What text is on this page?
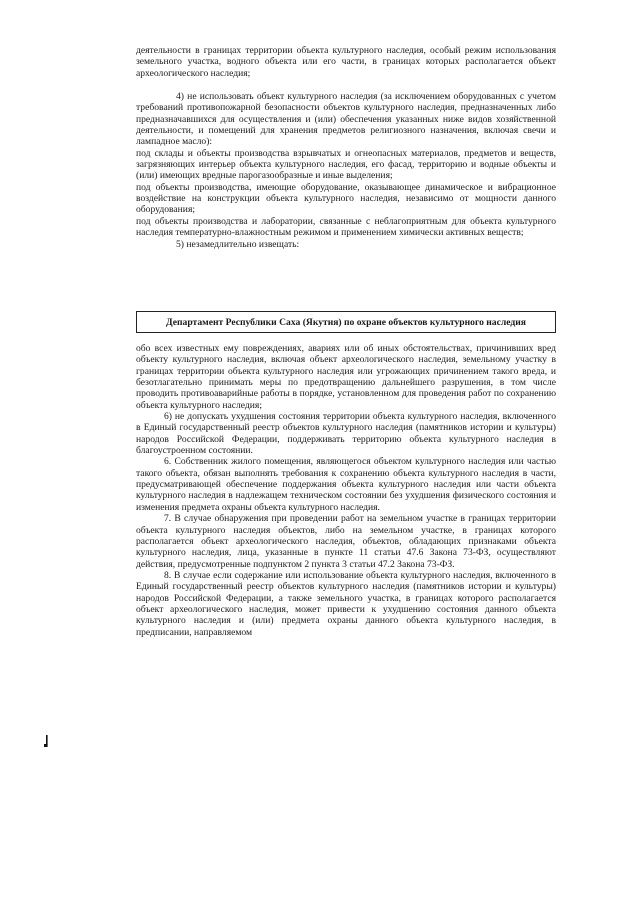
деятельности в границах территории объекта культурного наследия, особый режим использования земельного участка, водного объекта или его части, в границах которых располагается объект археологического наследия;

4) не использовать объект культурного наследия (за исключением оборудованных с учетом требований противопожарной безопасности объектов культурного наследия, предназначенных либо предназначавшихся для осуществления и (или) обеспечения указанных ниже видов хозяйственной деятельности, и помещений для хранения предметов религиозного назначения, включая свечи и лампадное масло):

под склады и объекты производства взрывчатых и огнеопасных материалов, предметов и веществ, загрязняющих интерьер объекта культурного наследия, его фасад, территорию и водные объекты и (или) имеющих вредные парогазообразные и иные выделения;

под объекты производства, имеющие оборудование, оказывающее динамическое и вибрационное воздействие на конструкции объекта культурного наследия, независимо от мощности данного оборудования;

под объекты производства и лаборатории, связанные с неблагоприятным для объекта культурного наследия температурно-влажностным режимом и применением химически активных веществ;

5) незамедлительно извещать:

Департамент Республики Саха (Якутия) по охране объектов культурного наследия

обо всех известных ему повреждениях, авариях или об иных обстоятельствах, причинивших вред объекту культурного наследия, включая объект археологического наследия, земельному участку в границах территории объекта культурного наследия или угрожающих причинением такого вреда, и безотлагательно принимать меры по предотвращению дальнейшего разрушения, в том числе проводить противоаварийные работы в порядке, установленном для проведения работ по сохранению объекта культурного наследия;

6) не допускать ухудшения состояния территории объекта культурного наследия, включенного в Единый государственный реестр объектов культурного наследия (памятников истории и культуры) народов Российской Федерации, поддерживать территорию объекта культурного наследия в благоустроенном состоянии.

6. Собственник жилого помещения, являющегося объектом культурного наследия или частью такого объекта, обязан выполнять требования к сохранению объекта культурного наследия в части, предусматривающей обеспечение поддержания объекта культурного наследия или части объекта культурного наследия в надлежащем техническом состоянии без ухудшения физического состояния и изменения предмета охраны объекта культурного наследия.

7. В случае обнаружения при проведении работ на земельном участке в границах территории объекта культурного наследия объектов, либо на земельном участке, в границах которого располагается объект археологического наследия, объектов, обладающих признаками объекта культурного наследия, лица, указанные в пункте 11 статьи 47.6 Закона 73-ФЗ, осуществляют действия, предусмотренные подпунктом 2 пункта 3 статьи 47.2 Закона 73-ФЗ.

8. В случае если содержание или использование объекта культурного наследия, включенного в Единый государственный реестр объектов культурного наследия (памятников истории и культуры) народов Российской Федерации, а также земельного участка, в границах которого располагается объект археологического наследия, может привести к ухудшению состояния данного объекта культурного наследия и (или) предмета охраны данного объекта культурного наследия, в предписании, направляемом
